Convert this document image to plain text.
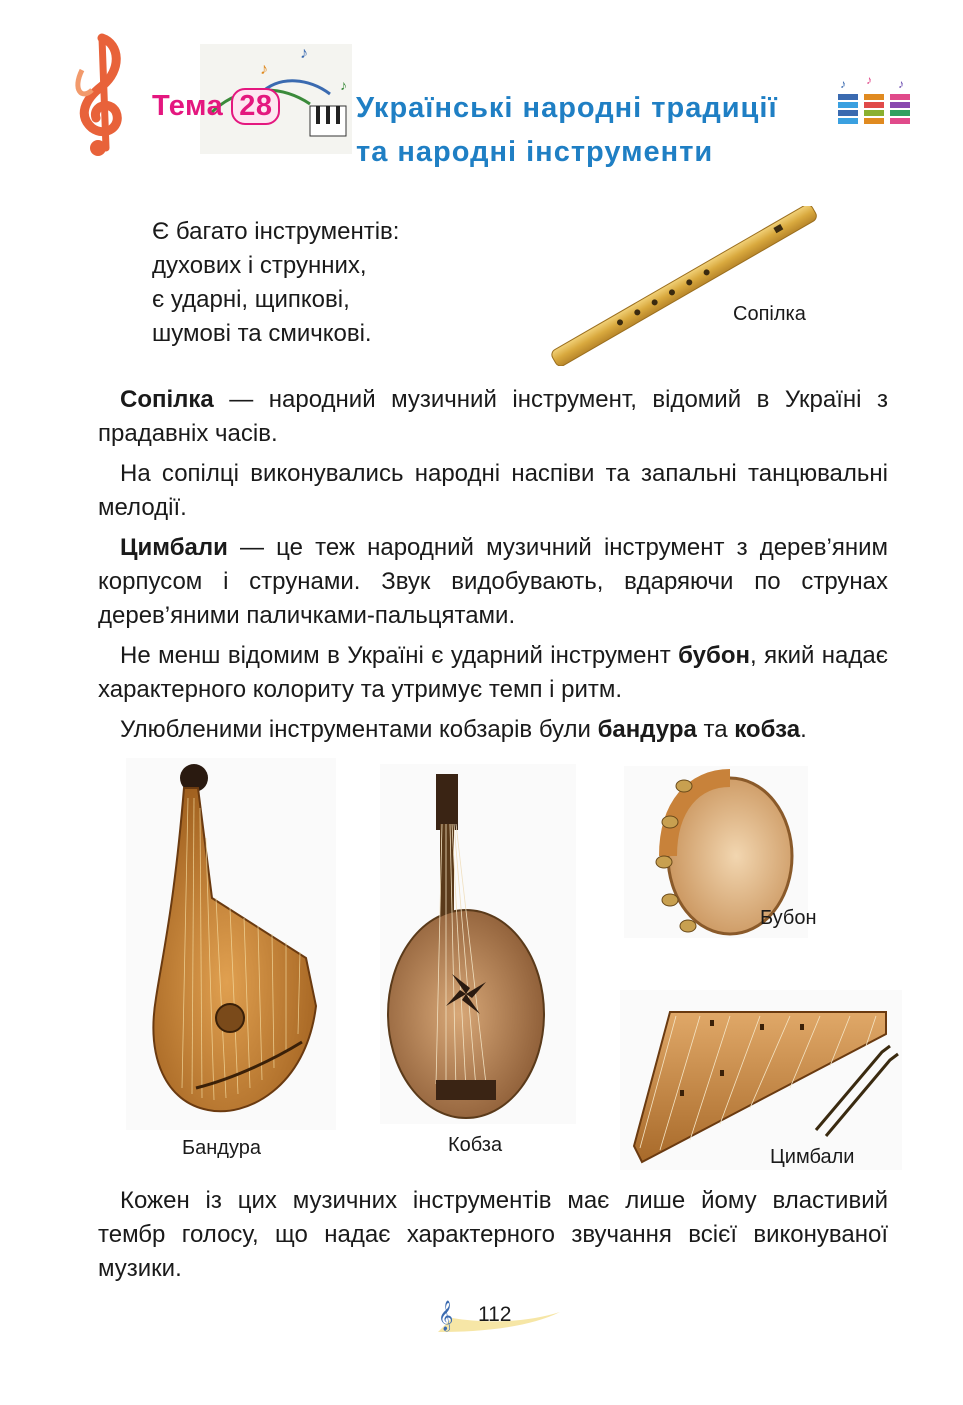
♪
♪
♪
Тема 28	Українські народні традиції
та народні інструменти
♪ ♪ ♪
Є багато інструментів:
духових і струнних,
є ударні, щипкові,
шумові та смичкові.
Сопілка

Сопілка — народний музичний інструмент, відомий в Україні з прадавніх часів.

На сопілці виконувались народні наспіви та запальні танцювальні мелодії.

Цимбали — це теж народний музичний інструмент з дерев’яним корпусом і струнами. Звук видобувають, вдаряючи по струнах дерев’яними паличками-пальцятами.

Не менш відомим в Україні є ударний інструмент бубон, який надає характерного колориту та утримує темп і ритм.

Улюбленими інструментами кобзарів були бандура та кобза.

Бандура	Кобза
Бубон
Цимбали

Кожен із цих музичних інструментів має лише йому властивий тембр голосу, що надає характерного звучання всієї виконуваної музики.

𝄞 112
